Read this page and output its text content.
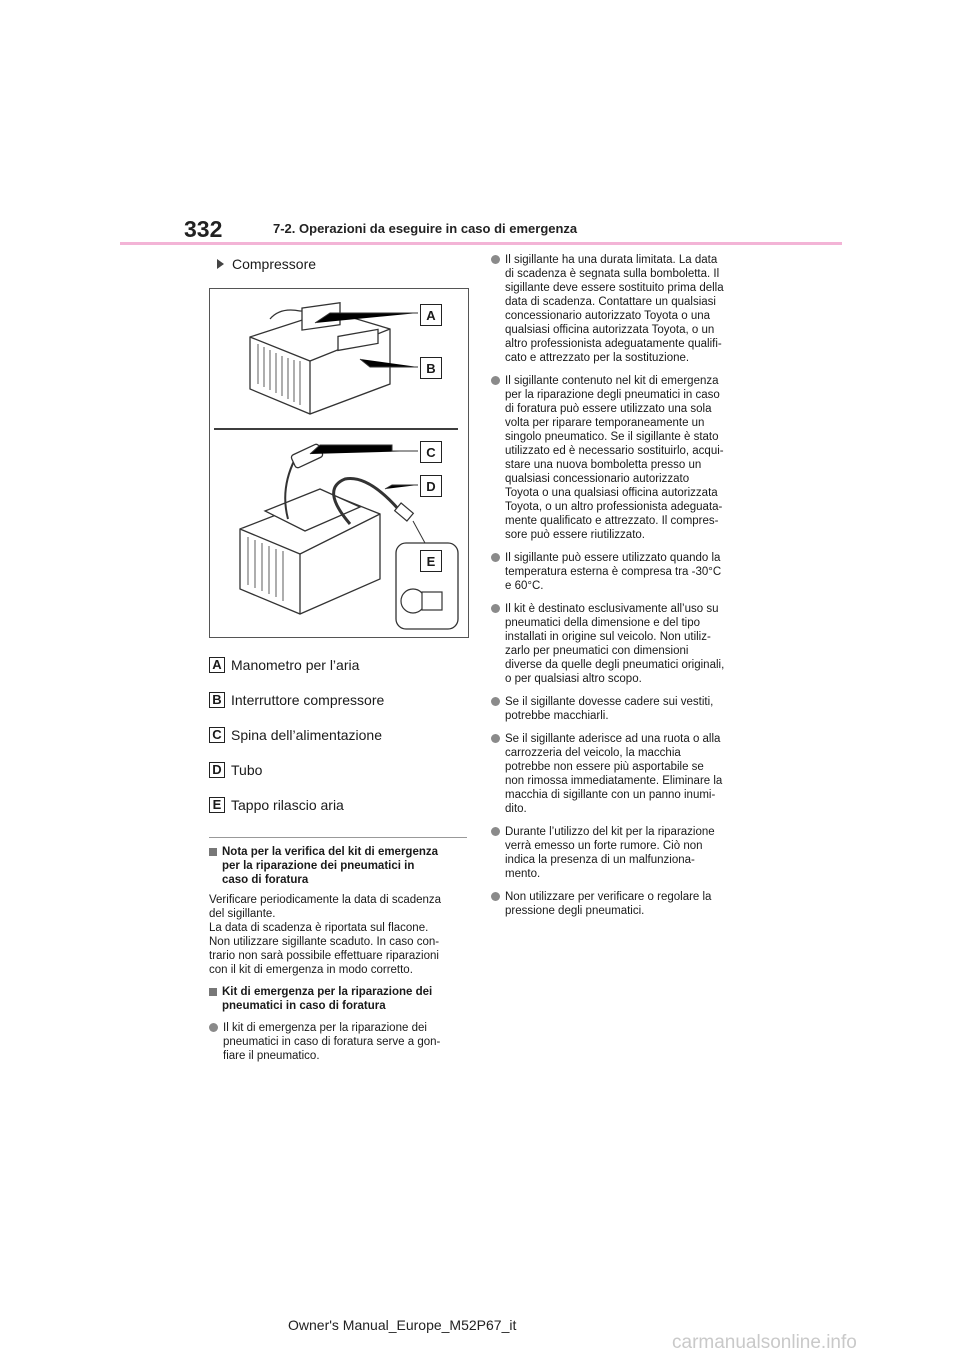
332	7-2. Operazioni da eseguire in caso di emergenza
Compressore
A
B
C
D
E
A Manometro per l’aria
B Interruttore compressore
C Spina dell’alimentazione
D Tubo
E Tappo rilascio aria
Nota per la verifica del kit di emergenza
per la riparazione dei pneumatici in
caso di foratura
Verificare periodicamente la data di scadenza
del sigillante.
La data di scadenza è riportata sul flacone.
Non utilizzare sigillante scaduto. In caso con-
trario non sarà possibile effettuare riparazioni
con il kit di emergenza in modo corretto.
Kit di emergenza per la riparazione dei
pneumatici in caso di foratura
Il kit di emergenza per la riparazione dei
pneumatici in caso di foratura serve a gon-
fiare il pneumatico.
Il sigillante ha una durata limitata. La data
di scadenza è segnata sulla bomboletta. Il
sigillante deve essere sostituito prima della
data di scadenza. Contattare un qualsiasi
concessionario autorizzato Toyota o una
qualsiasi officina autorizzata Toyota, o un
altro professionista adeguatamente qualifi-
cato e attrezzato per la sostituzione.
Il sigillante contenuto nel kit di emergenza
per la riparazione degli pneumatici in caso
di foratura può essere utilizzato una sola
volta per riparare temporaneamente un
singolo pneumatico. Se il sigillante è stato
utilizzato ed è necessario sostituirlo, acqui-
stare una nuova bomboletta presso un
qualsiasi concessionario autorizzato
Toyota o una qualsiasi officina autorizzata
Toyota, o un altro professionista adeguata-
mente qualificato e attrezzato. Il compres-
sore può essere riutilizzato.
Il sigillante può essere utilizzato quando la
temperatura esterna è compresa tra -30°C
e 60°C.
Il kit è destinato esclusivamente all’uso su
pneumatici della dimensione e del tipo
installati in origine sul veicolo. Non utiliz-
zarlo per pneumatici con dimensioni
diverse da quelle degli pneumatici originali,
o per qualsiasi altro scopo.
Se il sigillante dovesse cadere sui vestiti,
potrebbe macchiarli.
Se il sigillante aderisce ad una ruota o alla
carrozzeria del veicolo, la macchia
potrebbe non essere più asportabile se
non rimossa immediatamente. Eliminare la
macchia di sigillante con un panno inumi-
dito.
Durante l’utilizzo del kit per la riparazione
verrà emesso un forte rumore. Ciò non
indica la presenza di un malfunziona-
mento.
Non utilizzare per verificare o regolare la
pressione degli pneumatici.
Owner's Manual_Europe_M52P67_it
carmanualsonline.info
